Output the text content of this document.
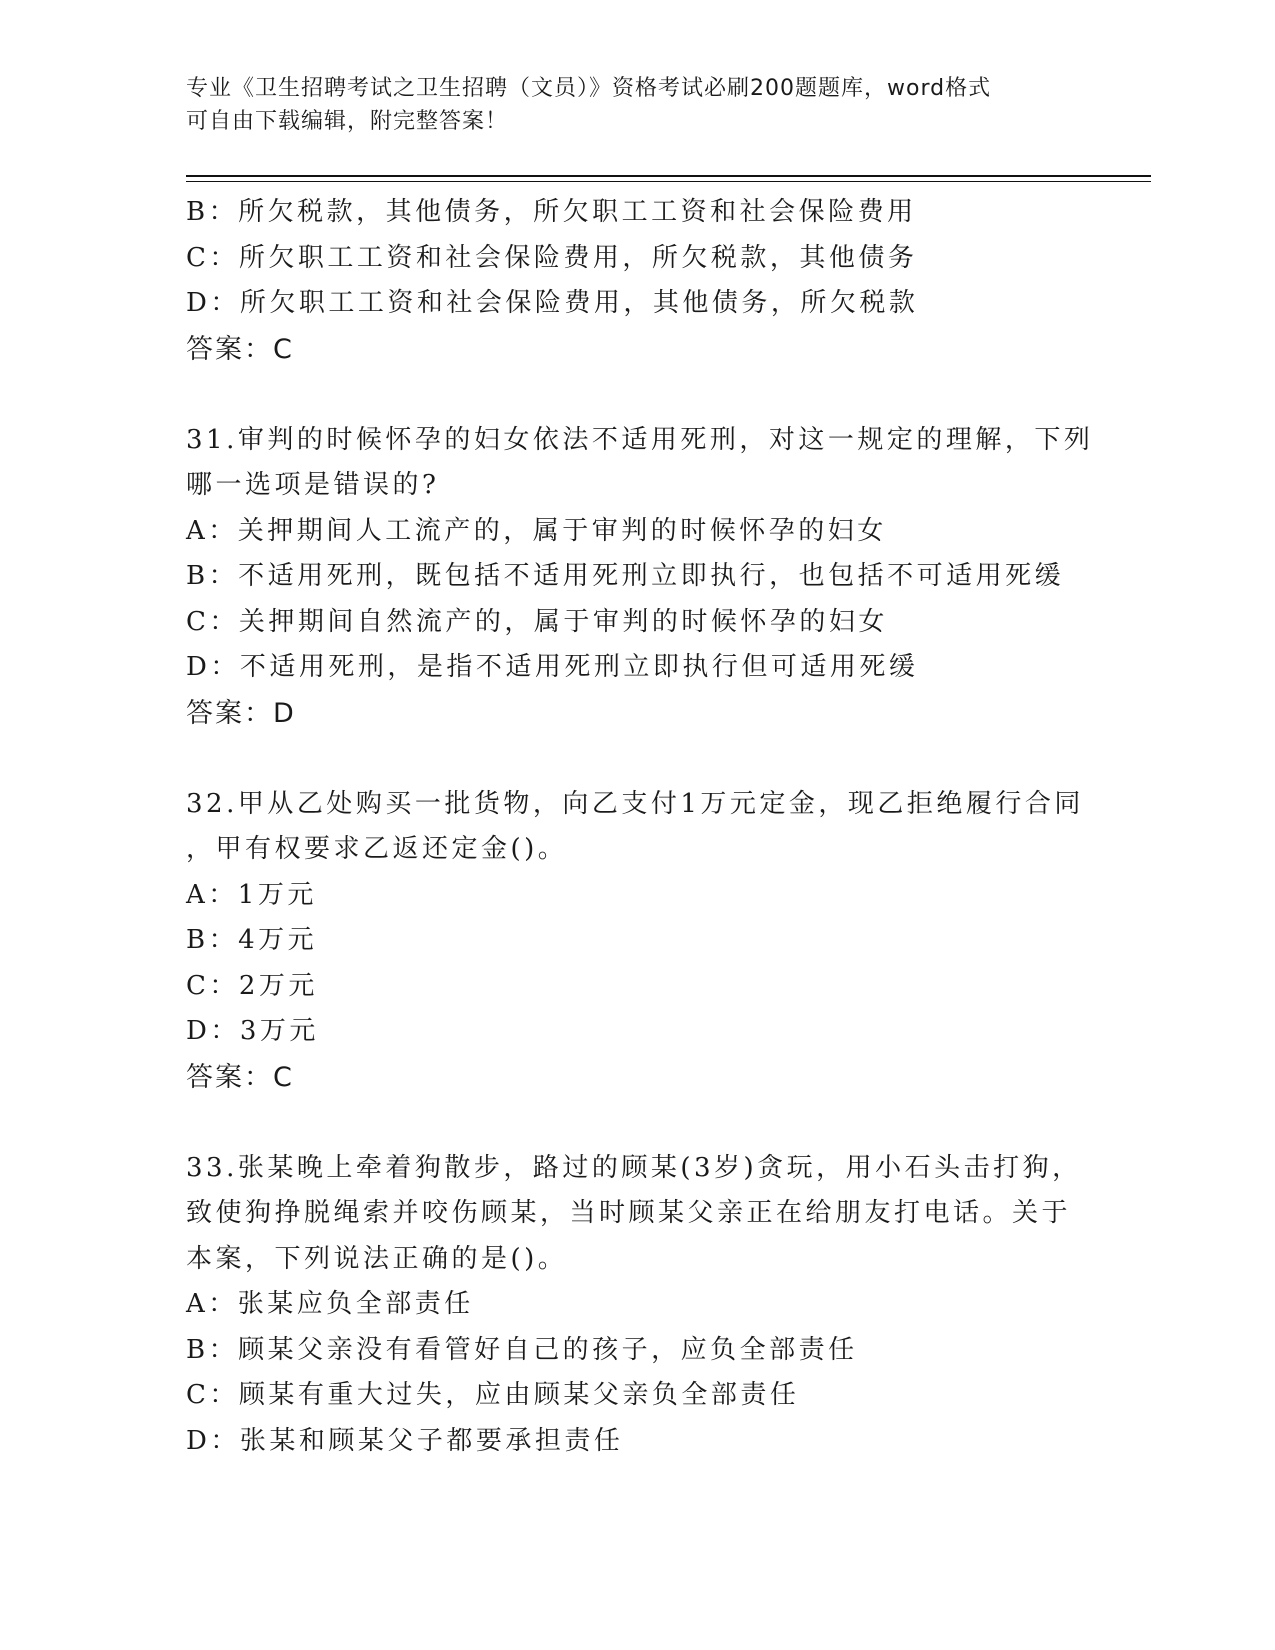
专业《卫生招聘考试之卫生招聘（文员）》资格考试必刷200题题库，word格式

可自由下载编辑，附完整答案！

B：所欠税款，其他债务，所欠职工工资和社会保险费用
C：所欠职工工资和社会保险费用，所欠税款，其他债务
D：所欠职工工资和社会保险费用，其他债务，所欠税款
答案：C
31.审判的时候怀孕的妇女依法不适用死刑，对这一规定的理解，下列
哪一选项是错误的?
A：关押期间人工流产的，属于审判的时候怀孕的妇女
B：不适用死刑，既包括不适用死刑立即执行，也包括不可适用死缓
C：关押期间自然流产的，属于审判的时候怀孕的妇女
D：不适用死刑，是指不适用死刑立即执行但可适用死缓
答案：D
32.甲从乙处购买一批货物，向乙支付1万元定金，现乙拒绝履行合同
，甲有权要求乙返还定金()。
A：1万元
B：4万元
C：2万元
D：3万元
答案：C
33.张某晚上牵着狗散步，路过的顾某(3岁)贪玩，用小石头击打狗，
致使狗挣脱绳索并咬伤顾某，当时顾某父亲正在给朋友打电话。关于
本案，下列说法正确的是()。
A：张某应负全部责任
B：顾某父亲没有看管好自己的孩子，应负全部责任
C：顾某有重大过失，应由顾某父亲负全部责任
D：张某和顾某父子都要承担责任
